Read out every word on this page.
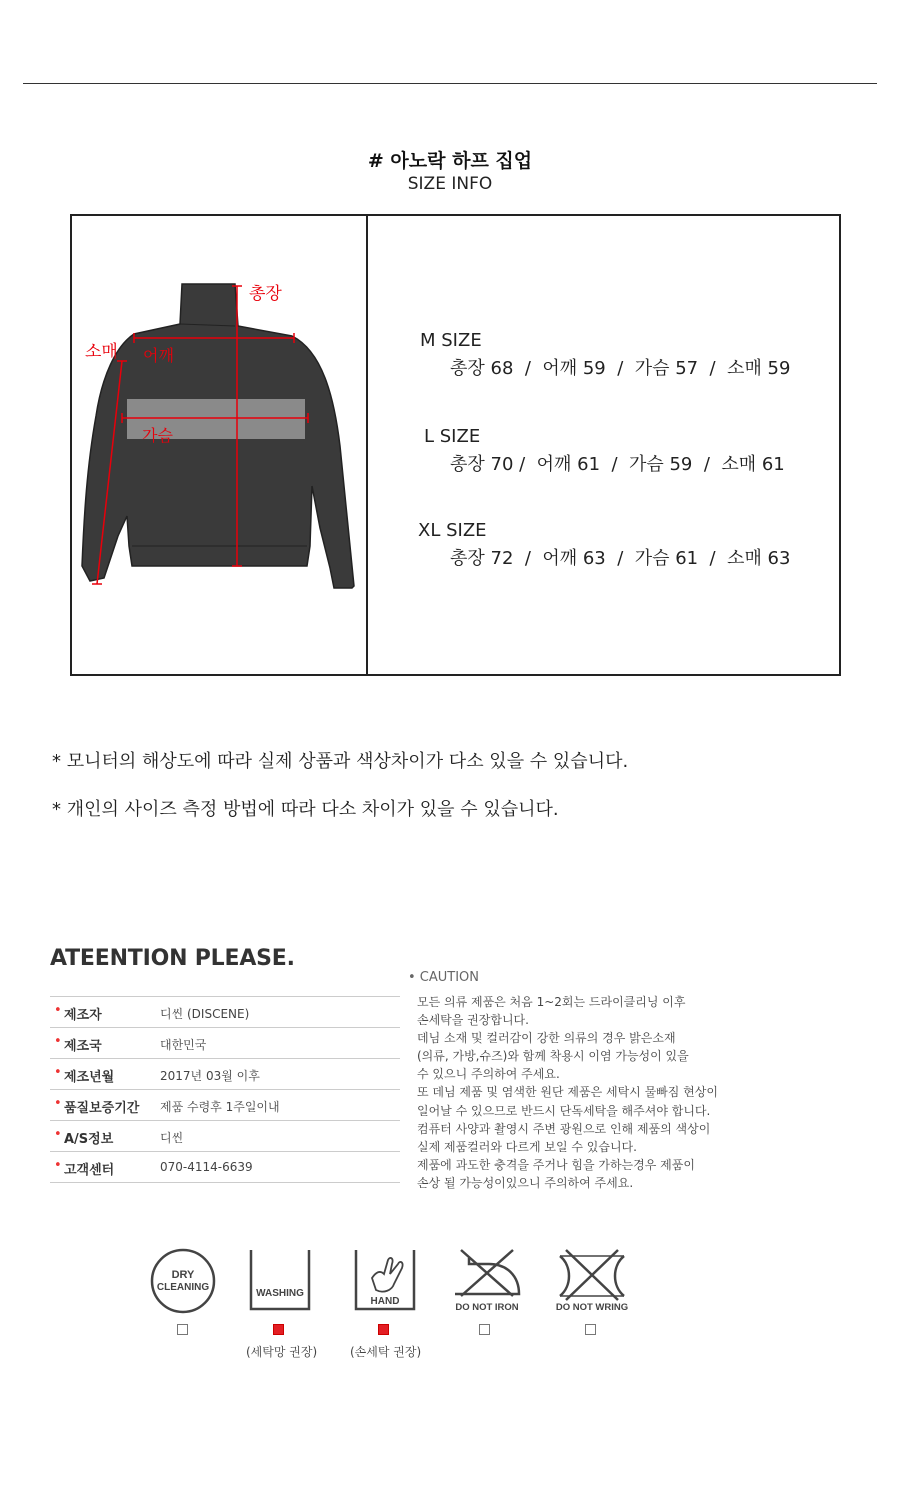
# 아노락 하프 집업
SIZE INFO
총장
소매 어깨
가슴
M SIZE
총장 68  /  어깨 59  /  가슴 57  /  소매 59
L SIZE
총장 70 /  어깨 61  /  가슴 59  /  소매 61
XL SIZE
총장 72  /  어깨 63  /  가슴 61  /  소매 63
* 모니터의 해상도에 따라 실제 상품과 색상차이가 다소 있을 수 있습니다.
* 개인의 사이즈 측정 방법에 따라 다소 차이가 있을 수 있습니다.
ATEENTION PLEASE.
• 제조자	디씬 (DISCENE)
• 제조국	대한민국
• 제조년월	2017년 03월 이후
• 품질보증기간 제품 수령후 1주일이내
• A/S정보	디씬
• 고객센터	070-4114-6639
• CAUTION
모든 의류 제품은 처음 1~2회는 드라이클리닝 이후
손세탁을 권장합니다.
데님 소재 및 컬러감이 강한 의류의 경우 밝은소재
(의류, 가방,슈즈)와 함께 착용시 이염 가능성이 있을
수 있으니 주의하여 주세요.
또 데님 제품 및 염색한 원단 제품은 세탁시 물빠짐 현상이
일어날 수 있으므로 반드시 단독세탁을 해주셔야 합니다.
컴퓨터 사양과 촬영시 주변 광원으로 인해 제품의 색상이
실제 제품컬러와 다르게 보일 수 있습니다.
제품에 과도한 충격을 주거나 힘을 가하는경우 제품이
손상 될 가능성이있으니 주의하여 주세요.
DRY
CLEANING
WASHING
HAND
DO NOT IRON	DO NOT WRING
(세탁망 권장)	(손세탁 권장)
